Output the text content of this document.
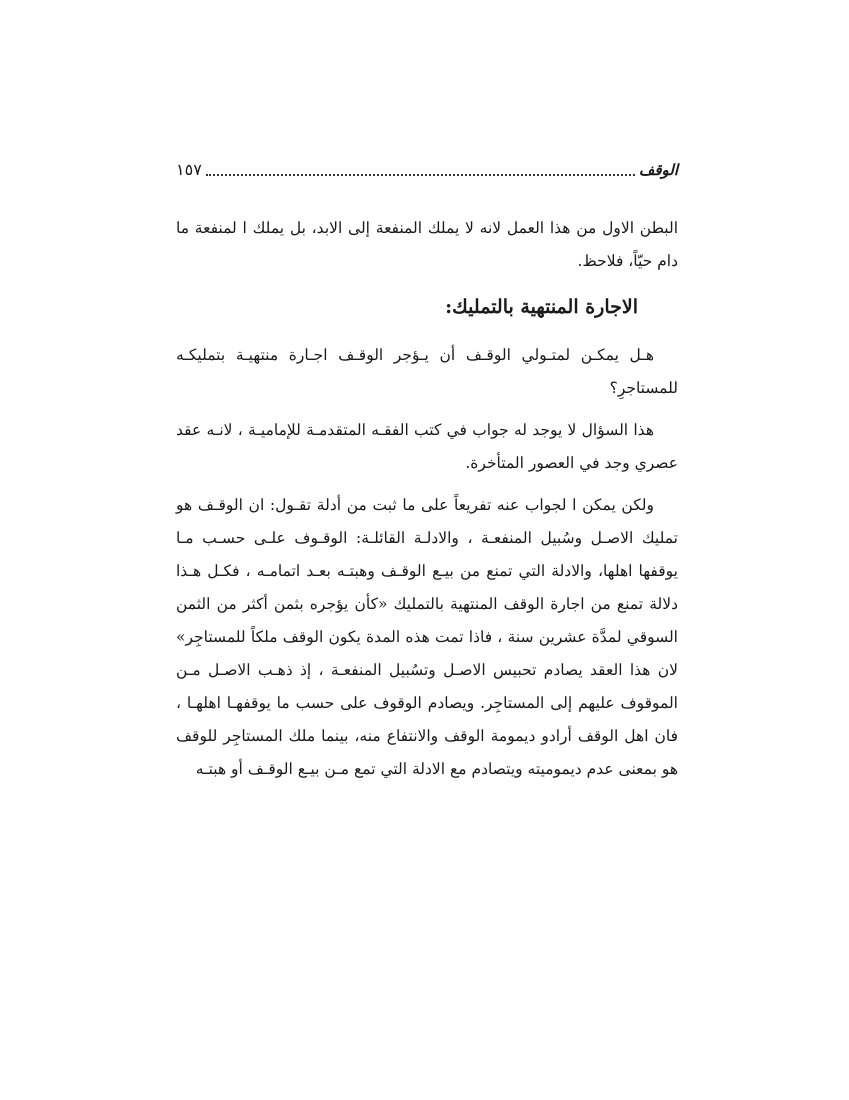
الوقف
١٥٧

البطن الاول من هذا العمل لانه لا يملك المنفعة إلى الابد، بل يملك ا لمنفعة ما دام حيّاً، فلاحظ.

الاجارة المنتهية بالتمليك:

هـل يمكـن لمتـولي الوقـف أن يـؤجر الوقـف اجـارة منتهيـة بتمليكـه للمستاجرِ؟

هذا السؤال لا يوجد له جواب في كتب الفقـه المتقدمـة للإماميـة ، لانـه عقد عصري وجد في العصور المتأخرة.

ولكن يمكن ا لجواب عنه تفريعاً على ما ثبت من أدلة تقـول: ان الوقـف هو تمليك الاصـل وسُبيل المنفعـة ، والادلـة القائلـة: الوقـوف علـى حسـب مـا يوقفها اهلها، والادلة التي تمنع من بيـع الوقـف وهبتـه بعـد اتمامـه ، فكـل هـذا دلالة تمنع من اجارة الوقف المنتهية بالتمليك «كأن يؤجره بثمن أكثر من الثمن السوقي لمدَّة عشرين سنة ، فاذا تمت هذه المدة يكون الوقف ملكاً للمستاجِر» لان هذا العقد يصادم تحبيس الاصـل وتسُبيل المنفعـة ، إذ ذهـب الاصـل مـن الموقوف عليهم إلى المستاجِر. ويصادم الوقوف على حسب ما يوقفهـا اهلهـا ، فان اهل الوقف أرادو ديمومة الوقف والانتفاع منه، بينما ملك المستاجِر للوقف هو بمعنى عدم ديموميته ويتصادم مع الادلة التي تمع مـن بيـع الوقـف أو هبتـه
